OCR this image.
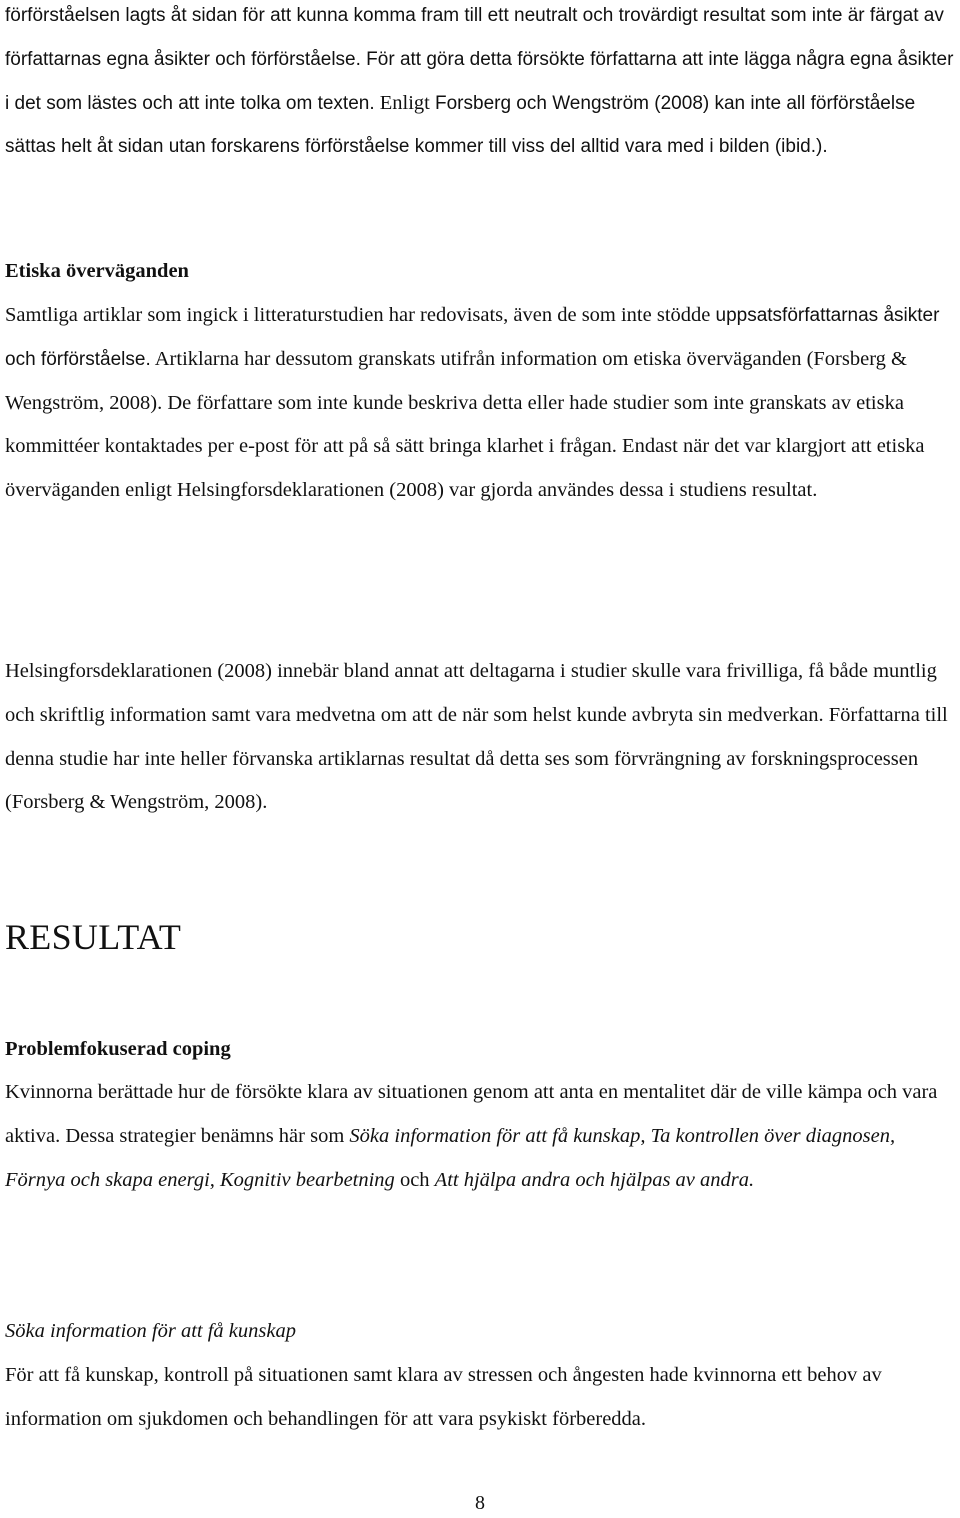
förförståelsen lagts åt sidan för att kunna komma fram till ett neutralt och trovärdigt resultat som inte är färgat av författarnas egna åsikter och förförståelse. För att göra detta försökte författarna att inte lägga några egna åsikter i det som lästes och att inte tolka om texten. Enligt Forsberg och Wengström (2008) kan inte all förförståelse sättas helt åt sidan utan forskarens förförståelse kommer till viss del alltid vara med i bilden (ibid.).

Etiska överväganden

Samtliga artiklar som ingick i litteraturstudien har redovisats, även de som inte stödde uppsatsförfattarnas åsikter och förförståelse. Artiklarna har dessutom granskats utifrån information om etiska överväganden (Forsberg & Wengström, 2008). De författare som inte kunde beskriva detta eller hade studier som inte granskats av etiska kommittéer kontaktades per e-post för att på så sätt bringa klarhet i frågan. Endast när det var klargjort att etiska överväganden enligt Helsingforsdeklarationen (2008) var gjorda användes dessa i studiens resultat.

Helsingforsdeklarationen (2008) innebär bland annat att deltagarna i studier skulle vara frivilliga, få både muntlig och skriftlig information samt vara medvetna om att de när som helst kunde avbryta sin medverkan. Författarna till denna studie har inte heller förvanska artiklarnas resultat då detta ses som förvrängning av forskningsprocessen (Forsberg & Wengström, 2008).

RESULTAT

Problemfokuserad coping

Kvinnorna berättade hur de försökte klara av situationen genom att anta en mentalitet där de ville kämpa och vara aktiva. Dessa strategier benämns här som Söka information för att få kunskap, Ta kontrollen över diagnosen, Förnya och skapa energi, Kognitiv bearbetning och Att hjälpa andra och hjälpas av andra.

Söka information för att få kunskap

För att få kunskap, kontroll på situationen samt klara av stressen och ångesten hade kvinnorna ett behov av information om sjukdomen och behandlingen för att vara psykiskt förberedda.

8
